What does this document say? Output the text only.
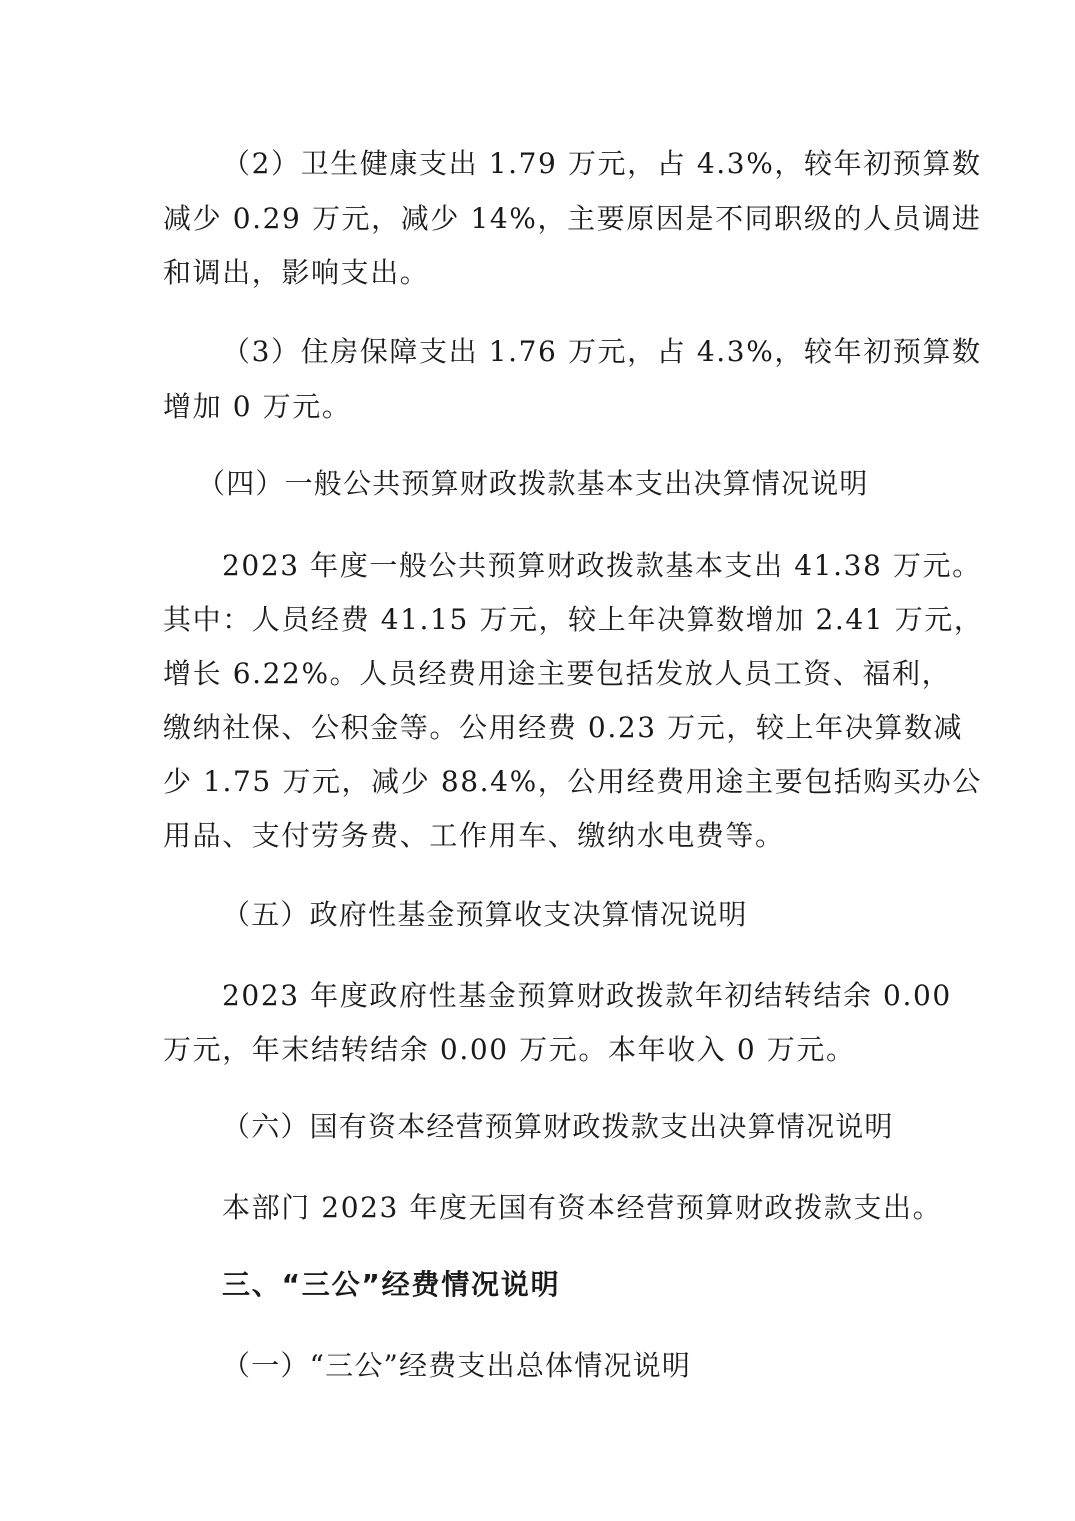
（2）卫生健康支出 1.79 万元，占 4.3%，较年初预算数
减少 0.29 万元，减少 14%，主要原因是不同职级的人员调进
和调出，影响支出。
（3）住房保障支出 1.76 万元，占 4.3%，较年初预算数
增加 0 万元。
（四）一般公共预算财政拨款基本支出决算情况说明
2023 年度一般公共预算财政拨款基本支出 41.38 万元。
其中：人员经费 41.15 万元，较上年决算数增加 2.41 万元，
增长 6.22%。人员经费用途主要包括发放人员工资、福利，
缴纳社保、公积金等。公用经费 0.23 万元，较上年决算数减
少 1.75 万元，减少 88.4%，公用经费用途主要包括购买办公
用品、支付劳务费、工作用车、缴纳水电费等。
（五）政府性基金预算收支决算情况说明
2023 年度政府性基金预算财政拨款年初结转结余 0.00
万元，年末结转结余 0.00 万元。本年收入 0 万元。
（六）国有资本经营预算财政拨款支出决算情况说明
本部门 2023 年度无国有资本经营预算财政拨款支出。
三、“三公”经费情况说明
（一）“三公”经费支出总体情况说明
